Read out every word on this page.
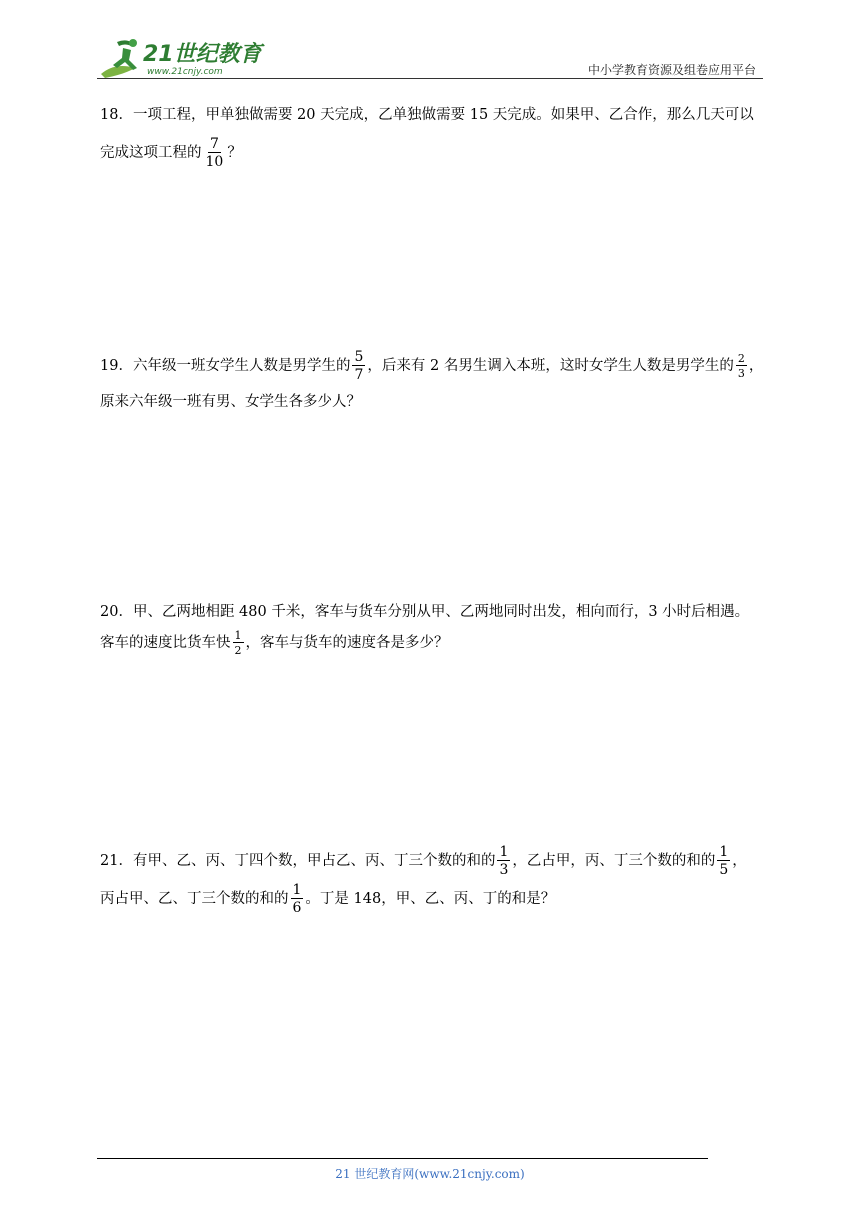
21世纪教育
www.21cnjy.com	中小学教育资源及组卷应用平台
18．一项工程，甲单独做需要 20 天完成，乙单独做需要 15 天完成。如果甲、乙合作，那么几天可以
完成这项工程的 $\frac{7}{10}$ ？
19．六年级一班女学生人数是男学生的 $\frac{5}{7}$ ，后来有 2 名男生调入本班，这时女学生人数是男学生的 $\frac{2}{3}$ ，
原来六年级一班有男、女学生各多少人？
20．甲、乙两地相距 480 千米，客车与货车分别从甲、乙两地同时出发，相向而行，3 小时后相遇。
客车的速度比货车快 $\frac{1}{2}$ ，客车与货车的速度各是多少？
21．有甲、乙、丙、丁四个数，甲占乙、丙、丁三个数的和的 $\frac{1}{3}$ ，乙占甲，丙、丁三个数的和的 $\frac{1}{5}$ ，
丙占甲、乙、丁三个数的和的 $\frac{1}{6}$ 。丁是 148，甲、乙、丙、丁的和是？
21 世纪教育网(www.21cnjy.com)
